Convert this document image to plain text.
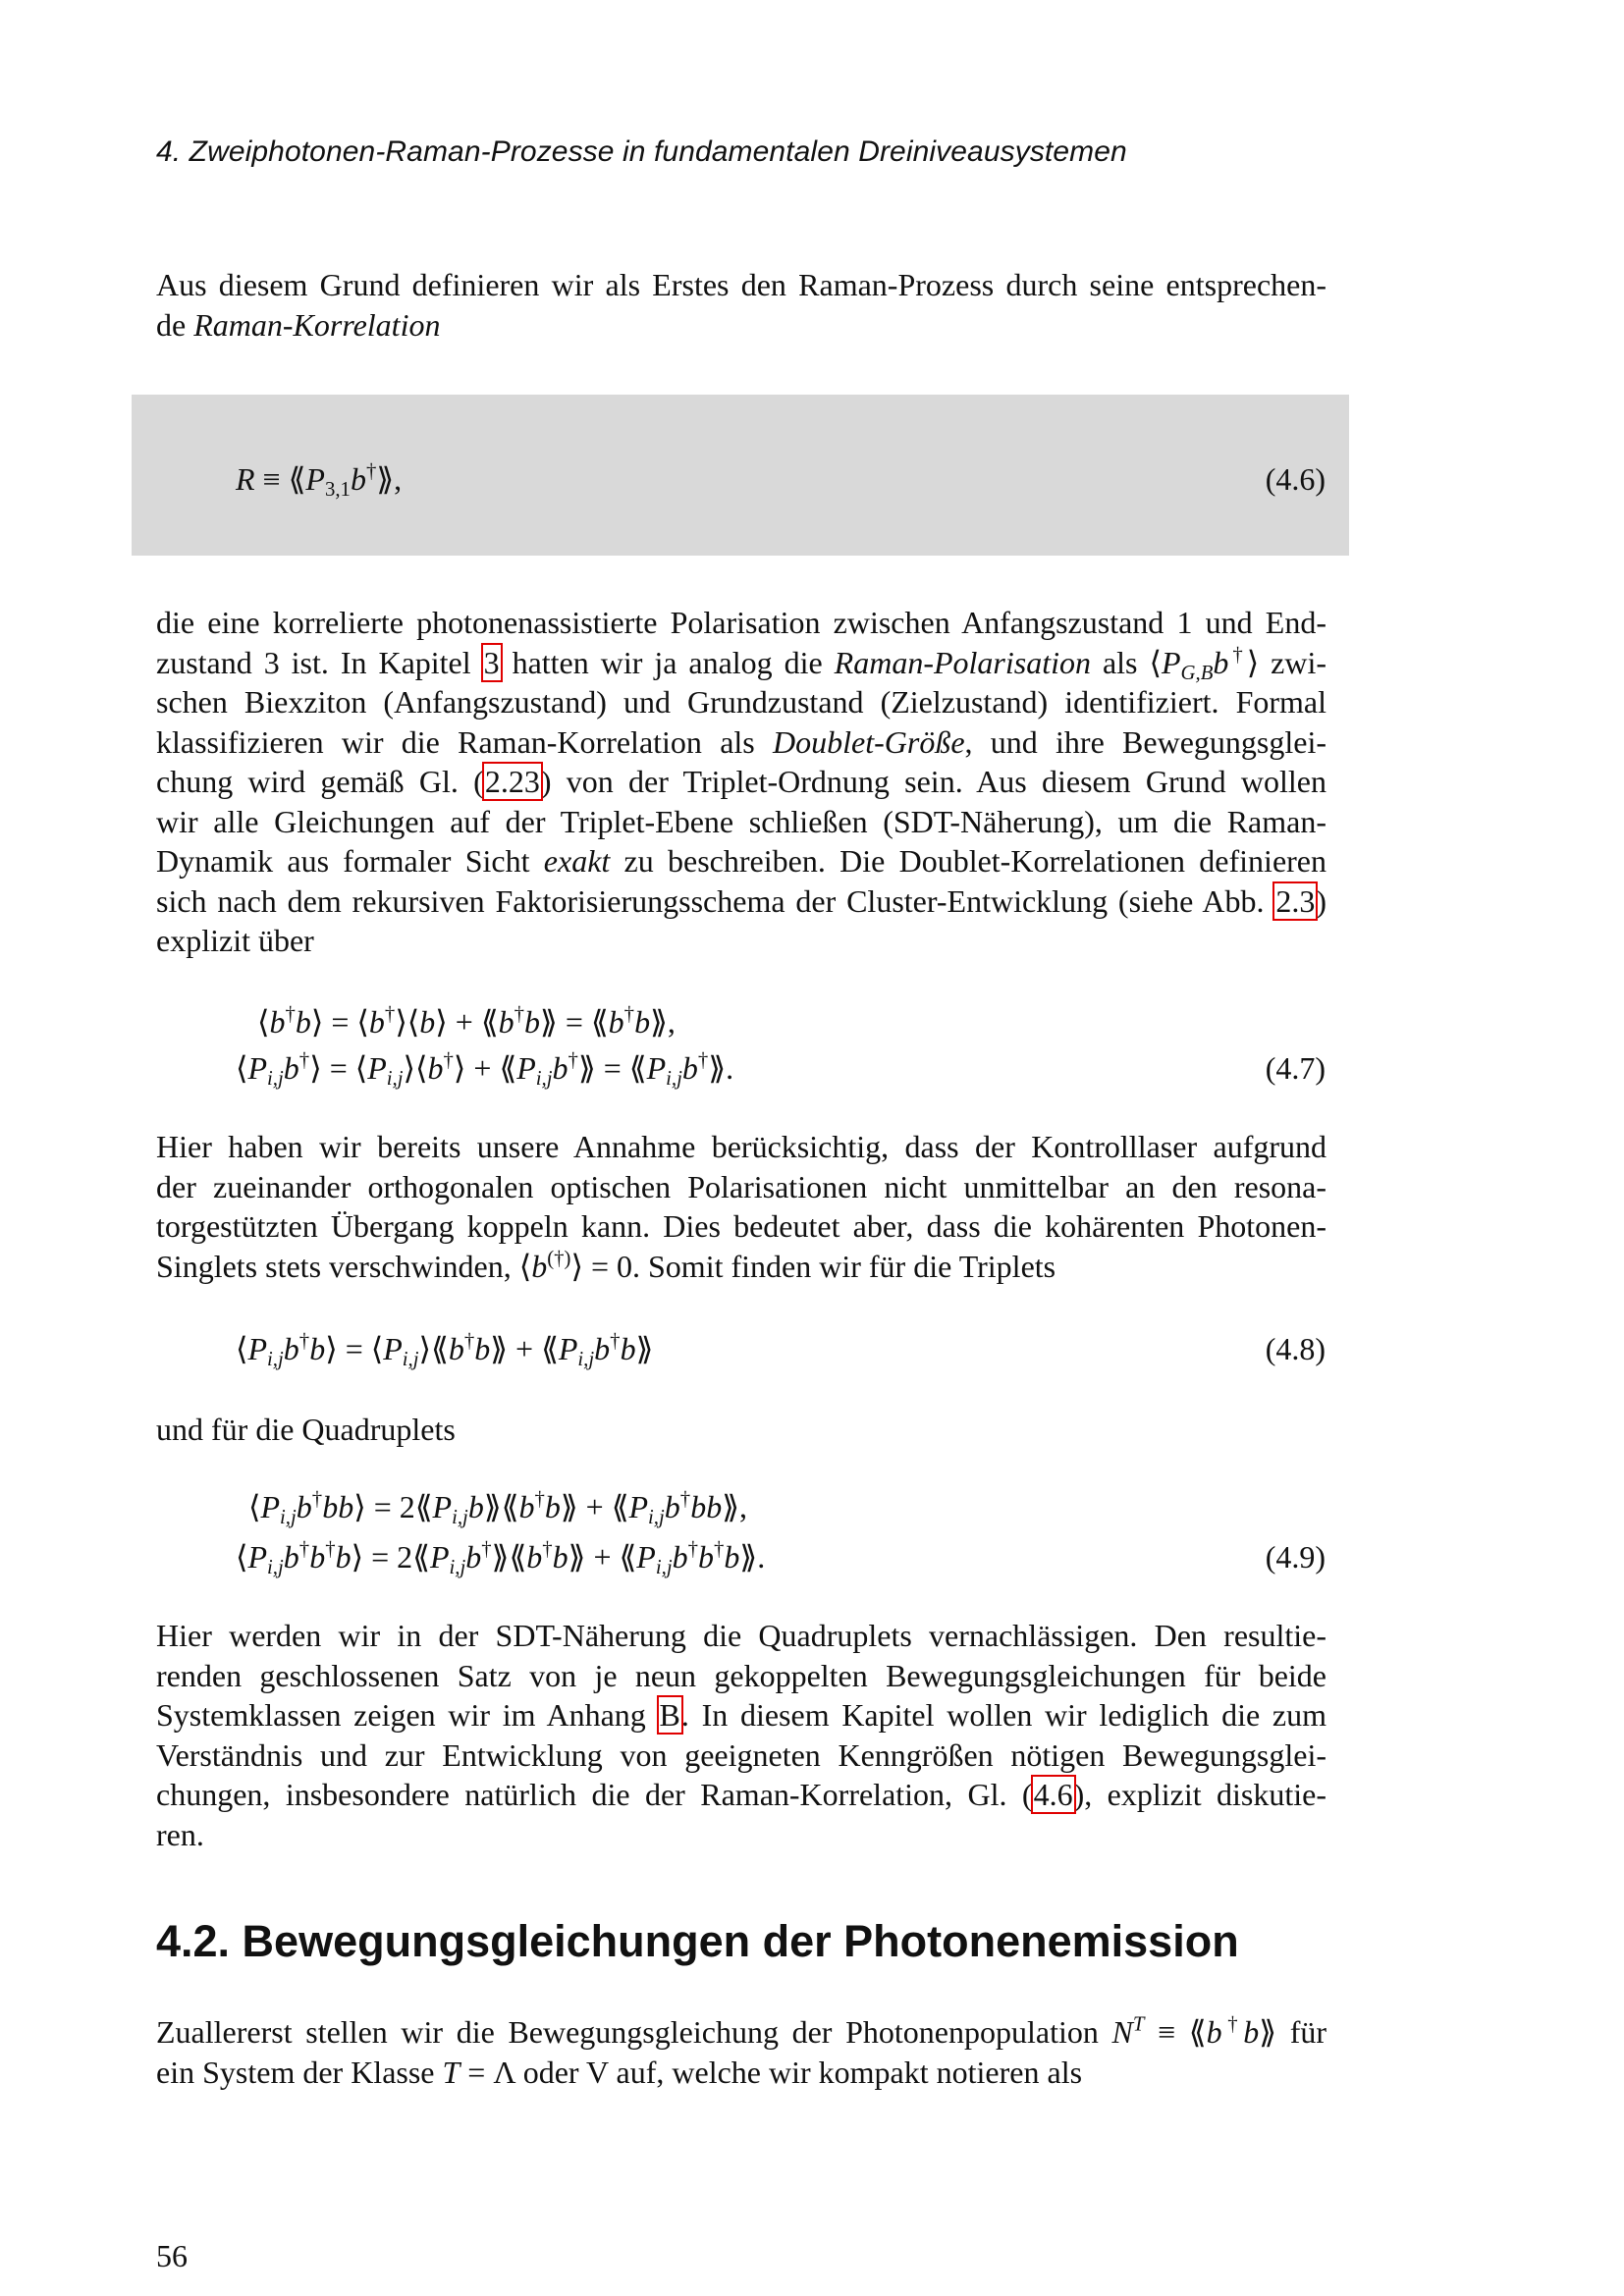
4. Zweiphotonen-Raman-Prozesse in fundamentalen Dreiniveausystemen
Aus diesem Grund definieren wir als Erstes den Raman-Prozess durch seine entsprechen-
de Raman-Korrelation
$R \equiv ⟪P_{3,1}b^\dagger⟫$,	(4.6)
die eine korrelierte photonenassistierte Polarisation zwischen Anfangszustand 1 und End-
zustand 3 ist. In Kapitel 3 hatten wir ja analog die Raman-Polarisation als $⟨P_{G,B}b^\dagger⟩$ zwi-
schen Biexziton (Anfangszustand) und Grundzustand (Zielzustand) identifiziert. Formal
klassifizieren wir die Raman-Korrelation als Doublet-Größe, und ihre Bewegungsglei-
chung wird gemäß Gl. (2.23) von der Triplet-Ordnung sein. Aus diesem Grund wollen
wir alle Gleichungen auf der Triplet-Ebene schließen (SDT-Näherung), um die Raman-
Dynamik aus formaler Sicht exakt zu beschreiben. Die Doublet-Korrelationen definieren
sich nach dem rekursiven Faktorisierungsschema der Cluster-Entwicklung (siehe Abb. 2.3)
explizit über
⟨b†b⟩ = ⟨b†⟩⟨b⟩ + ⟪b†b⟫ = ⟪b†b⟫,
$⟨P_{i,j}b^\dagger⟩$ = $⟨P_{i,j}⟩⟨b^\dagger⟩$ + $⟪P_{i,j}b^\dagger⟫$ = $⟪P_{i,j}b^\dagger⟫$.	(4.7)
Hier haben wir bereits unsere Annahme berücksichtig, dass der Kontrolllaser aufgrund
der zueinander orthogonalen optischen Polarisationen nicht unmittelbar an den resona-
torgestützten Übergang koppeln kann. Dies bedeutet aber, dass die kohärenten Photonen-
Singlets stets verschwinden, ⟨b(†)⟩ = 0. Somit finden wir für die Triplets
$⟨P_{i,j}b^\dagger b⟩$ = $⟨P_{i,j}⟩⟪b^\dagger b⟫$ + $⟪P_{i,j}b^\dagger b⟫$	(4.8)
und für die Quadruplets
$⟨P_{i,j}b^\dagger bb⟩$ = $2⟪P_{i,j}b⟫⟪b^\dagger b⟫$ + $⟪P_{i,j}b^\dagger bb⟫$,
$⟨P_{i,j}b^\dagger b^\dagger b⟩$ = $2⟪P_{i,j}b^\dagger⟫⟪b^\dagger b⟫$ + $⟪P_{i,j}b^\dagger b^\dagger b⟫$.	(4.9)
Hier werden wir in der SDT-Näherung die Quadruplets vernachlässigen. Den resultie-
renden geschlossenen Satz von je neun gekoppelten Bewegungsgleichungen für beide
Systemklassen zeigen wir im Anhang B. In diesem Kapitel wollen wir lediglich die zum
Verständnis und zur Entwicklung von geeigneten Kenngrößen nötigen Bewegungsglei-
chungen, insbesondere natürlich die der Raman-Korrelation, Gl. (4.6), explizit diskutie-
ren.
4.2. Bewegungsgleichungen der Photonenemission
Zuallererst stellen wir die Bewegungsgleichung der Photonenpopulation $N^T$ ≡ ⟪b†b⟫ für
ein System der Klasse T = Λ oder V auf, welche wir kompakt notieren als
56
